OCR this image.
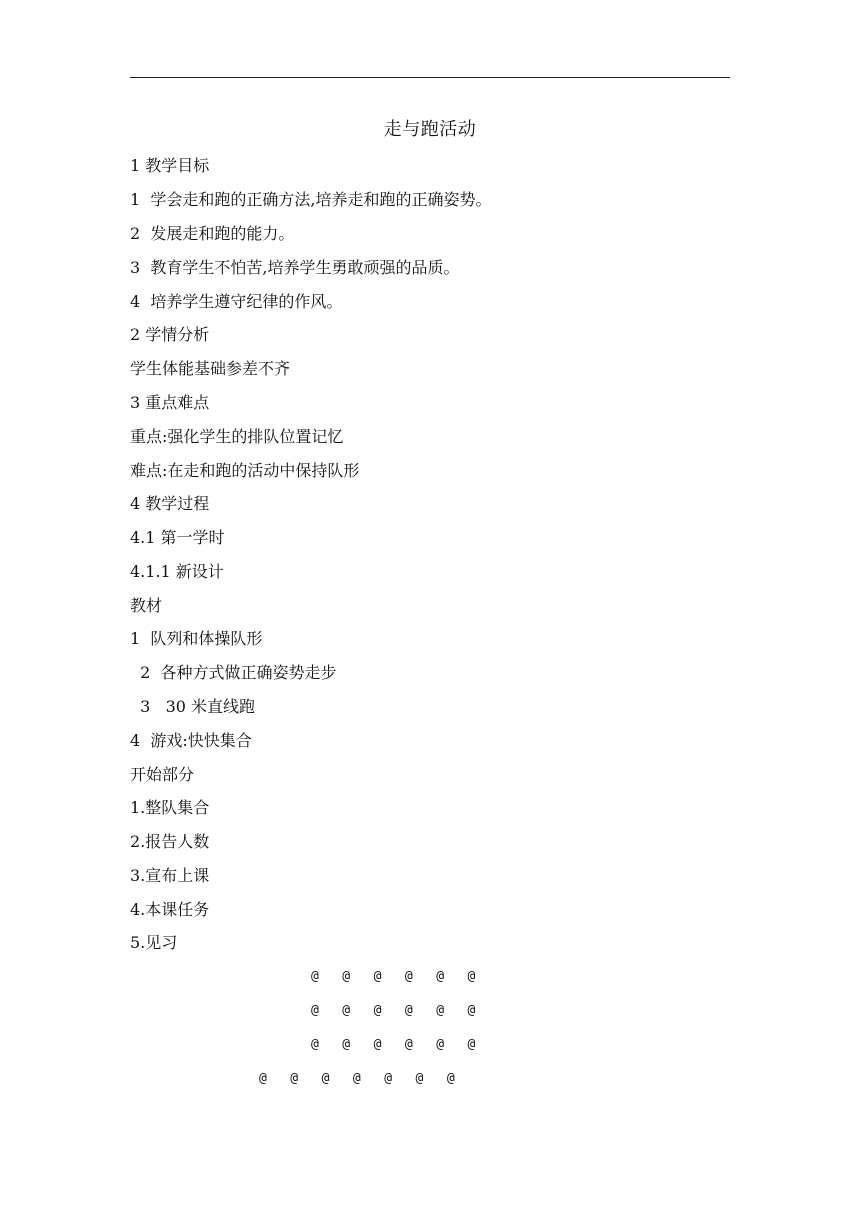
走与跑活动
1 教学目标
1  学会走和跑的正确方法,培养走和跑的正确姿势。
2  发展走和跑的能力。
3  教育学生不怕苦,培养学生勇敢顽强的品质。
4  培养学生遵守纪律的作风。
2 学情分析
学生体能基础参差不齐
3 重点难点
重点:强化学生的排队位置记忆
难点:在走和跑的活动中保持队形
4 教学过程
4.1 第一学时
4.1.1 新设计
教材
1  队列和体操队形
2  各种方式做正确姿势走步
3   30 米直线跑
4  游戏:快快集合
开始部分
1.整队集合
2.报告人数
3.宣布上课
4.本课任务
5.见习
@   @   @   @   @   @
@   @   @   @   @   @
@   @   @   @   @   @
@   @   @   @   @   @   @
